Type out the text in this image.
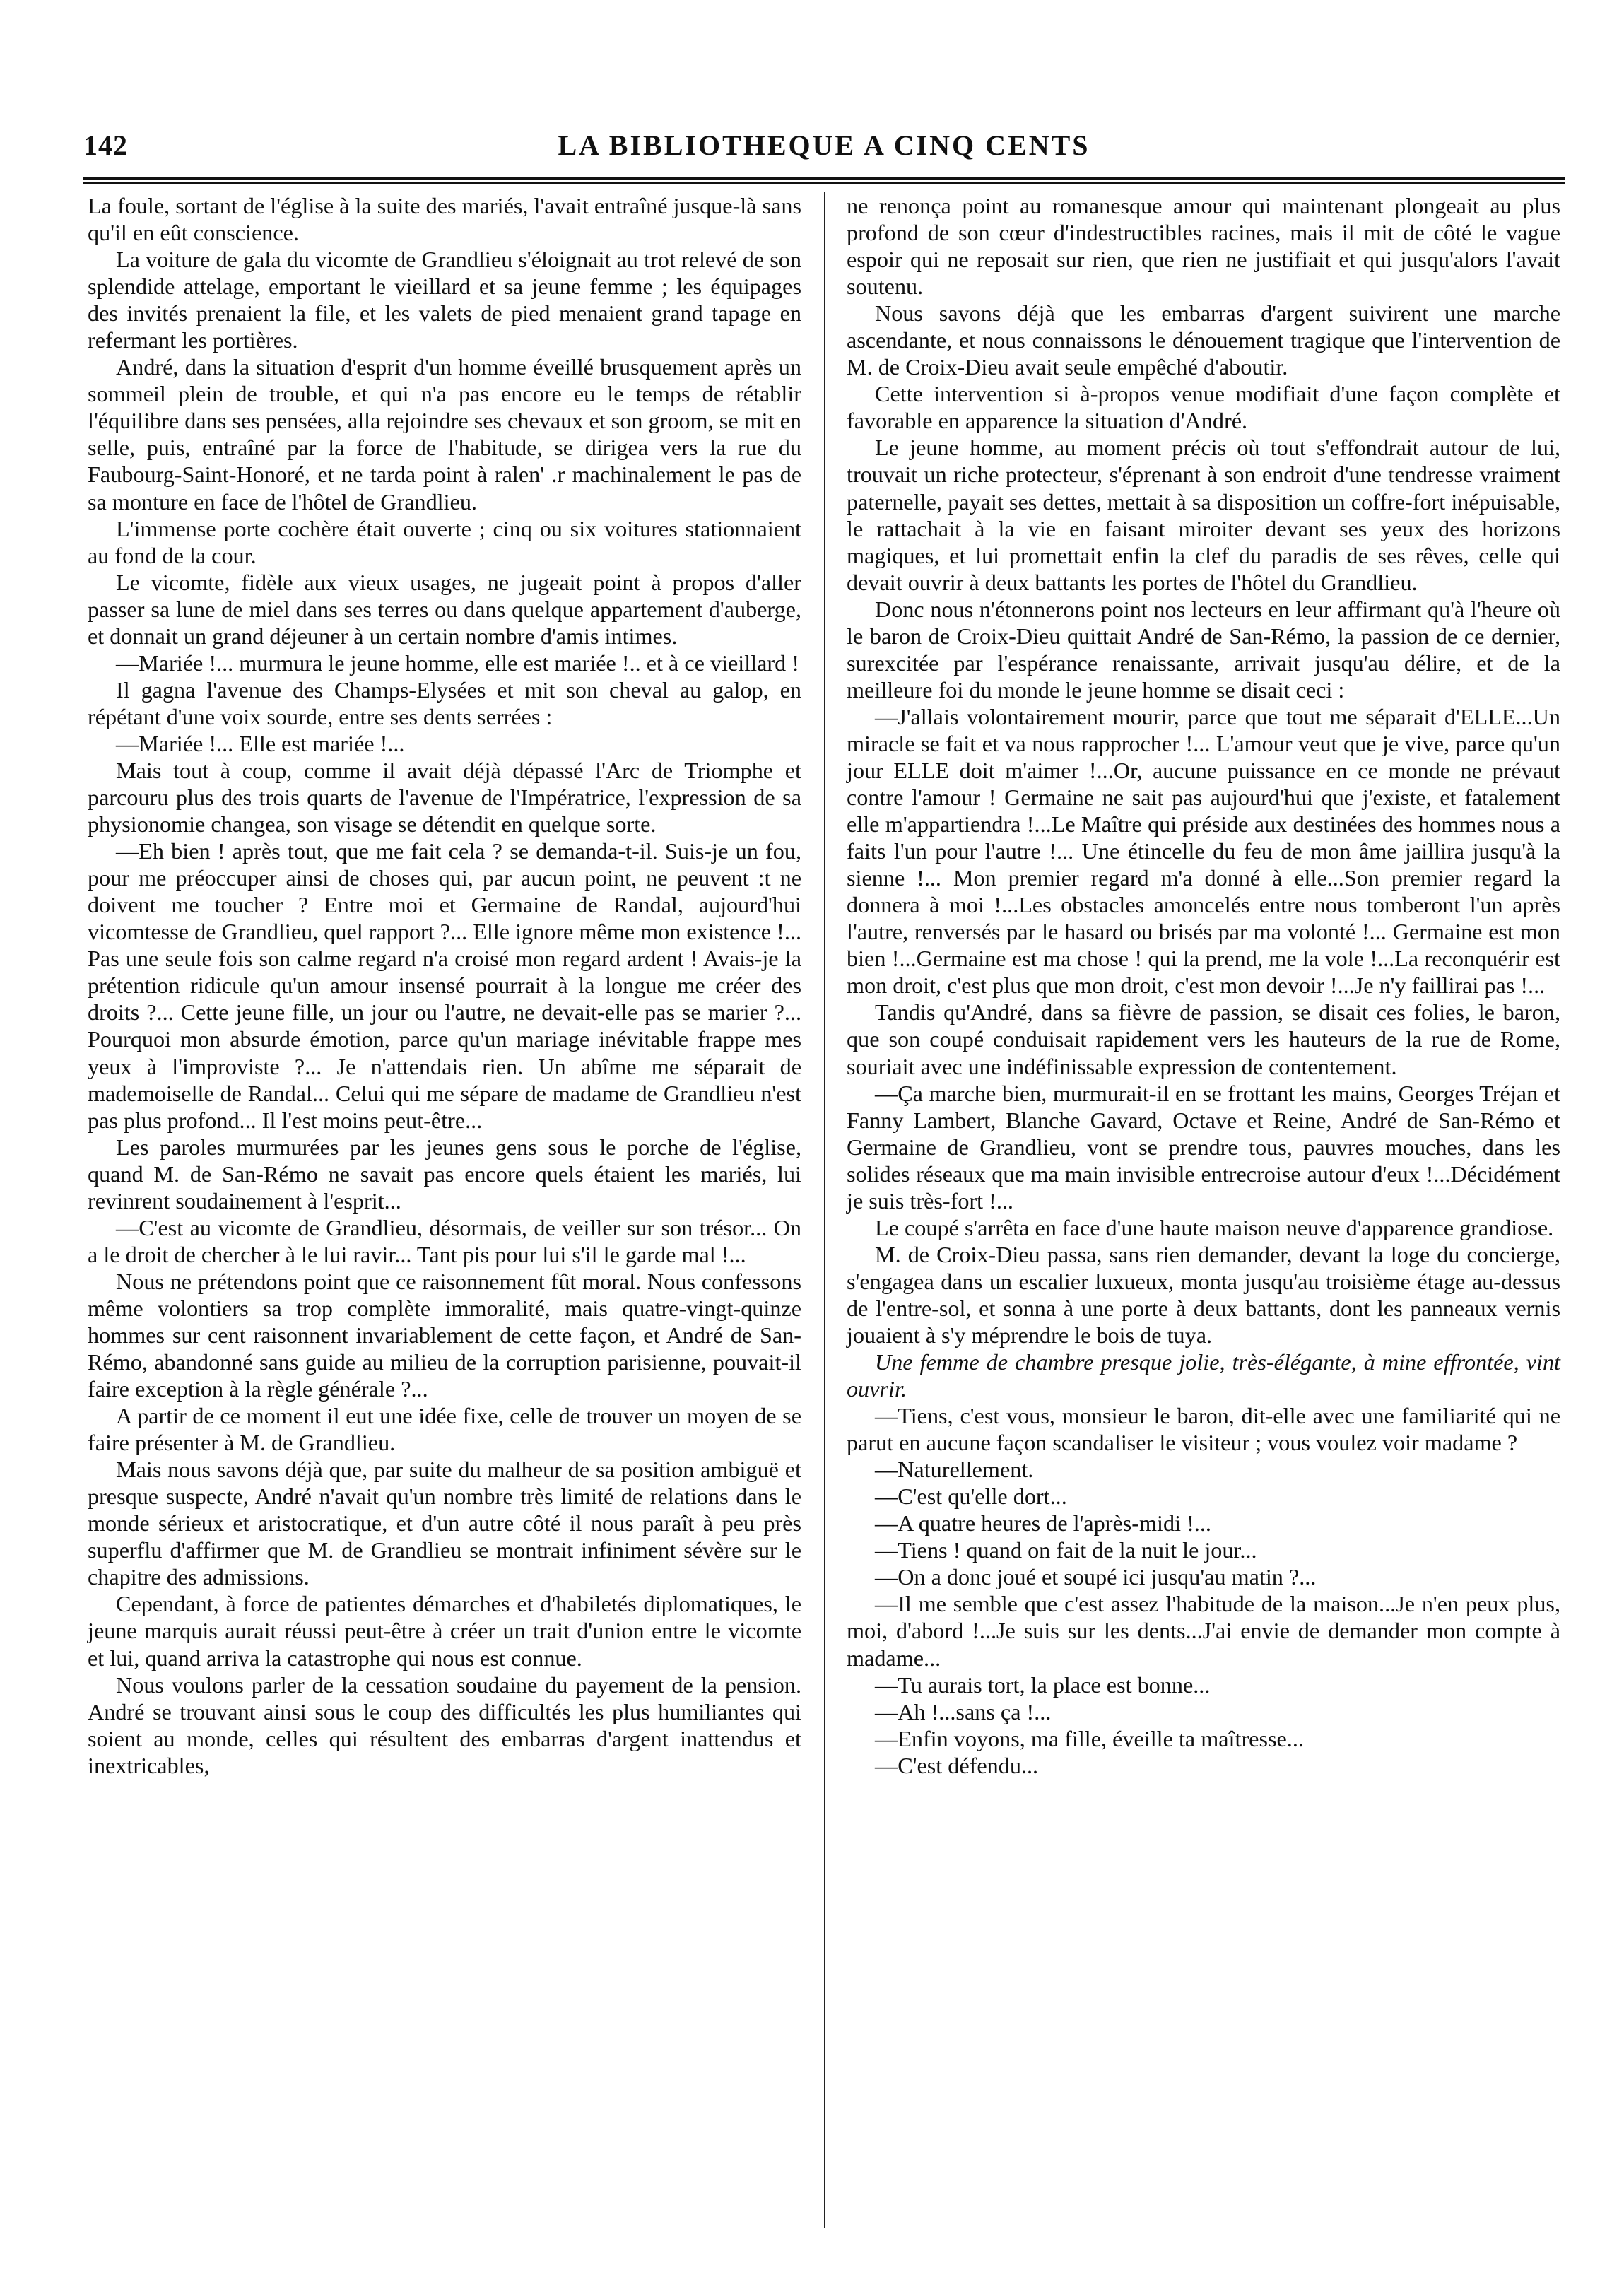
142	LA BIBLIOTHEQUE A CINQ CENTS

La foule, sortant de l'église à la suite des mariés, l'avait entraîné jusque-là sans qu'il en eût conscience.

La voiture de gala du vicomte de Grandlieu s'éloignait au trot relevé de son splendide attelage, emportant le vieillard et sa jeune femme ; les équipages des invités prenaient la file, et les valets de pied menaient grand tapage en refermant les portières.

André, dans la situation d'esprit d'un homme éveillé brusquement après un sommeil plein de trouble, et qui n'a pas encore eu le temps de rétablir l'équilibre dans ses pensées, alla rejoindre ses chevaux et son groom, se mit en selle, puis, entraîné par la force de l'habitude, se dirigea vers la rue du Faubourg-Saint-Honoré, et ne tarda point à ralen' .r machinalement le pas de sa monture en face de l'hôtel de Grandlieu.

L'immense porte cochère était ouverte ; cinq ou six voitures stationnaient au fond de la cour.

Le vicomte, fidèle aux vieux usages, ne jugeait point à propos d'aller passer sa lune de miel dans ses terres ou dans quelque appartement d'auberge, et donnait un grand déjeuner à un certain nombre d'amis intimes.

—Mariée !... murmura le jeune homme, elle est mariée !.. et à ce vieillard !

Il gagna l'avenue des Champs-Elysées et mit son cheval au galop, en répétant d'une voix sourde, entre ses dents serrées :

—Mariée !... Elle est mariée !...

Mais tout à coup, comme il avait déjà dépassé l'Arc de Triomphe et parcouru plus des trois quarts de l'avenue de l'Impératrice, l'expression de sa physionomie changea, son visage se détendit en quelque sorte.

—Eh bien ! après tout, que me fait cela ? se demanda-t-il. Suis-je un fou, pour me préoccuper ainsi de choses qui, par aucun point, ne peuvent :t ne doivent me toucher ? Entre moi et Germaine de Randal, aujourd'hui vicomtesse de Grandlieu, quel rapport ?... Elle ignore même mon existence !... Pas une seule fois son calme regard n'a croisé mon regard ardent ! Avais-je la prétention ridicule qu'un amour insensé pourrait à la longue me créer des droits ?... Cette jeune fille, un jour ou l'autre, ne devait-elle pas se marier ?... Pourquoi mon absurde émotion, parce qu'un mariage inévitable frappe mes yeux à l'improviste ?... Je n'attendais rien. Un abîme me séparait de mademoiselle de Randal... Celui qui me sépare de madame de Grandlieu n'est pas plus profond... Il l'est moins peut-être...

Les paroles murmurées par les jeunes gens sous le porche de l'église, quand M. de San-Rémo ne savait pas encore quels étaient les mariés, lui revinrent soudainement à l'esprit...

—C'est au vicomte de Grandlieu, désormais, de veiller sur son trésor... On a le droit de chercher à le lui ravir... Tant pis pour lui s'il le garde mal !...

Nous ne prétendons point que ce raisonnement fût moral. Nous confessons même volontiers sa trop complète immoralité, mais quatre-vingt-quinze hommes sur cent raisonnent invariablement de cette façon, et André de San-Rémo, abandonné sans guide au milieu de la corruption parisienne, pouvait-il faire exception à la règle générale ?...

A partir de ce moment il eut une idée fixe, celle de trouver un moyen de se faire présenter à M. de Grandlieu.

Mais nous savons déjà que, par suite du malheur de sa position ambiguë et presque suspecte, André n'avait qu'un nombre très limité de relations dans le monde sérieux et aristocratique, et d'un autre côté il nous paraît à peu près superflu d'affirmer que M. de Grandlieu se montrait infiniment sévère sur le chapitre des admissions.

Cependant, à force de patientes démarches et d'habiletés diplomatiques, le jeune marquis aurait réussi peut-être à créer un trait d'union entre le vicomte et lui, quand arriva la catastrophe qui nous est connue.

Nous voulons parler de la cessation soudaine du payement de la pension. André se trouvant ainsi sous le coup des difficultés les plus humiliantes qui soient au monde, celles qui résultent des embarras d'argent inattendus et inextricables,

ne renonça point au romanesque amour qui maintenant plongeait au plus profond de son cœur d'indestructibles racines, mais il mit de côté le vague espoir qui ne reposait sur rien, que rien ne justifiait et qui jusqu'alors l'avait soutenu.

Nous savons déjà que les embarras d'argent suivirent une marche ascendante, et nous connaissons le dénouement tragique que l'intervention de M. de Croix-Dieu avait seule empêché d'aboutir.

Cette intervention si à-propos venue modifiait d'une façon complète et favorable en apparence la situation d'André.

Le jeune homme, au moment précis où tout s'effondrait autour de lui, trouvait un riche protecteur, s'éprenant à son endroit d'une tendresse vraiment paternelle, payait ses dettes, mettait à sa disposition un coffre-fort inépuisable, le rattachait à la vie en faisant miroiter devant ses yeux des horizons magiques, et lui promettait enfin la clef du paradis de ses rêves, celle qui devait ouvrir à deux battants les portes de l'hôtel du Grandlieu.

Donc nous n'étonnerons point nos lecteurs en leur affirmant qu'à l'heure où le baron de Croix-Dieu quittait André de San-Rémo, la passion de ce dernier, surexcitée par l'espérance renaissante, arrivait jusqu'au délire, et de la meilleure foi du monde le jeune homme se disait ceci :

—J'allais volontairement mourir, parce que tout me séparait d'ELLE...Un miracle se fait et va nous rapprocher !... L'amour veut que je vive, parce qu'un jour ELLE doit m'aimer !...Or, aucune puissance en ce monde ne prévaut contre l'amour ! Germaine ne sait pas aujourd'hui que j'existe, et fatalement elle m'appartiendra !...Le Maître qui préside aux destinées des hommes nous a faits l'un pour l'autre !... Une étincelle du feu de mon âme jaillira jusqu'à la sienne !... Mon premier regard m'a donné à elle...Son premier regard la donnera à moi !...Les obstacles amoncelés entre nous tomberont l'un après l'autre, renversés par le hasard ou brisés par ma volonté !... Germaine est mon bien !...Germaine est ma chose ! qui la prend, me la vole !...La reconquérir est mon droit, c'est plus que mon droit, c'est mon devoir !...Je n'y faillirai pas !...

Tandis qu'André, dans sa fièvre de passion, se disait ces folies, le baron, que son coupé conduisait rapidement vers les hauteurs de la rue de Rome, souriait avec une indéfinissable expression de contentement.

—Ça marche bien, murmurait-il en se frottant les mains, Georges Tréjan et Fanny Lambert, Blanche Gavard, Octave et Reine, André de San-Rémo et Germaine de Grandlieu, vont se prendre tous, pauvres mouches, dans les solides réseaux que ma main invisible entrecroise autour d'eux !...Décidément je suis très-fort !...

Le coupé s'arrêta en face d'une haute maison neuve d'apparence grandiose.

M. de Croix-Dieu passa, sans rien demander, devant la loge du concierge, s'engagea dans un escalier luxueux, monta jusqu'au troisième étage au-dessus de l'entre-sol, et sonna à une porte à deux battants, dont les panneaux vernis jouaient à s'y méprendre le bois de tuya.

Une femme de chambre presque jolie, très-élégante, à mine effrontée, vint ouvrir.

—Tiens, c'est vous, monsieur le baron, dit-elle avec une familiarité qui ne parut en aucune façon scandaliser le visiteur ; vous voulez voir madame ?

—Naturellement.

—C'est qu'elle dort...

—A quatre heures de l'après-midi !...

—Tiens ! quand on fait de la nuit le jour...

—On a donc joué et soupé ici jusqu'au matin ?...

—Il me semble que c'est assez l'habitude de la maison...Je n'en peux plus, moi, d'abord !...Je suis sur les dents...J'ai envie de demander mon compte à madame...

—Tu aurais tort, la place est bonne...

—Ah !...sans ça !...

—Enfin voyons, ma fille, éveille ta maîtresse...

—C'est défendu...
